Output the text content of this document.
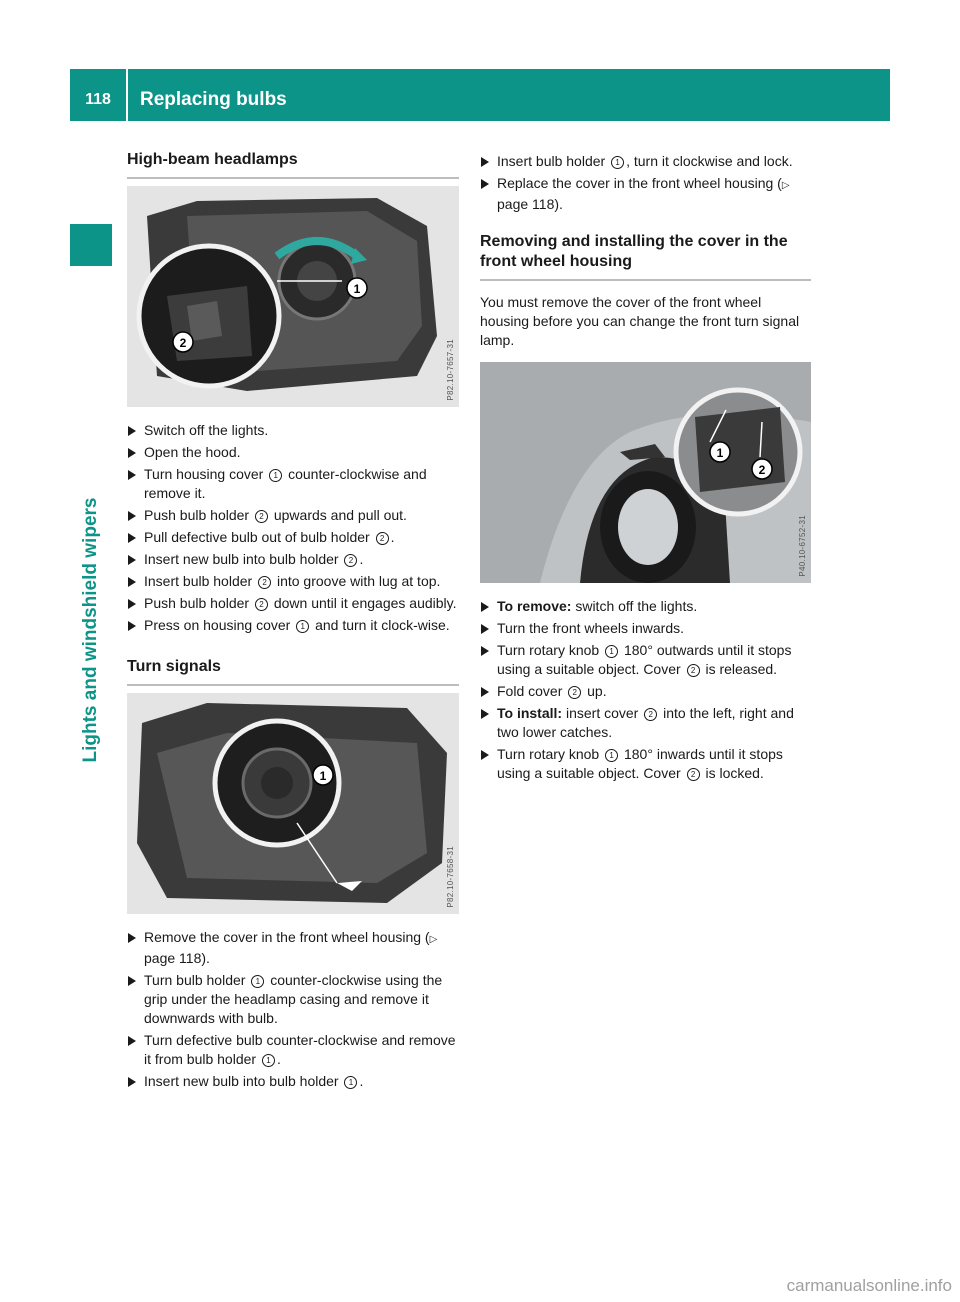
118	Replacing bulbs
Lights and windshield wipers
High-beam headlamps
1
2	P82.10-7657-31
Switch off the lights.
Open the hood.
Turn housing cover 1 counter-clockwise and remove it.
Push bulb holder 2 upwards and pull out.
Pull defective bulb out of bulb holder 2 .
Insert new bulb into bulb holder 2 .
Insert bulb holder 2 into groove with lug at top.
Push bulb holder 2 down until it engages audibly.
Press on housing cover 1 and turn it clock-wise.
Turn signals
1
P82.10-7658-31
Remove the cover in the front wheel housing (▷ page 118).
Turn bulb holder 1 counter-clockwise using the grip under the headlamp casing and remove it downwards with bulb.
Turn defective bulb counter-clockwise and remove it from bulb holder 1 .
Insert new bulb into bulb holder 1 .
Insert bulb holder 1 , turn it clockwise and lock.
Replace the cover in the front wheel housing (▷ page 118).
Removing and installing the cover in the front wheel housing

You must remove the cover of the front wheel housing before you can change the front turn signal lamp.

1
2
P40.10-6752-31
To remove: switch off the lights.
Turn the front wheels inwards.
Turn rotary knob 1 180° outwards until it stops using a suitable object. Cover 2 is released.
Fold cover 2 up.
To install: insert cover 2 into the left, right and two lower catches.
Turn rotary knob 1 180° inwards until it stops using a suitable object. Cover 2 is locked.
carmanualsonline.info
